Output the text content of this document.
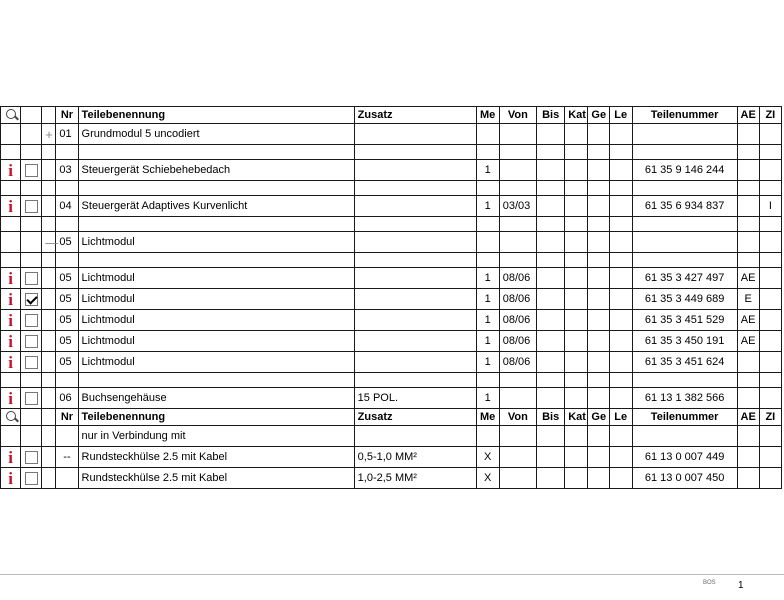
			Nr	Teilebenennung	Zusatz	Me	Von	Bis	Kat	Ge	Le	Teilenummer	AE	ZI
		+	01	Grundmodul 5 uncodiert										

i			03	Steuergerät Schiebehebedach		1						61 35 9 146 244		

i			04	Steuergerät Adaptives Kurvenlicht		1	03/03					61 35 6 934 837		I

		—	05	Lichtmodul										

i			05	Lichtmodul		1	08/06					61 35 3 427 497	AE	
i			05	Lichtmodul		1	08/06					61 35 3 449 689	E	
i			05	Lichtmodul		1	08/06					61 35 3 451 529	AE	
i			05	Lichtmodul		1	08/06					61 35 3 450 191	AE	
i			05	Lichtmodul		1	08/06					61 35 3 451 624		

i			06	Buchsengehäuse	15 POL.	1						61 13 1 382 566		
			Nr	Teilebenennung	Zusatz	Me	Von	Bis	Kat	Ge	Le	Teilenummer	AE	ZI
				nur in Verbindung mit										
i			--	Rundsteckhülse 2.5 mit Kabel	0,5-1,0 MM²	X						61 13 0 007 449		
i				Rundsteckhülse 2.5 mit Kabel	1,0-2,5 MM²	X						61 13 0 007 450		
BOS 1
